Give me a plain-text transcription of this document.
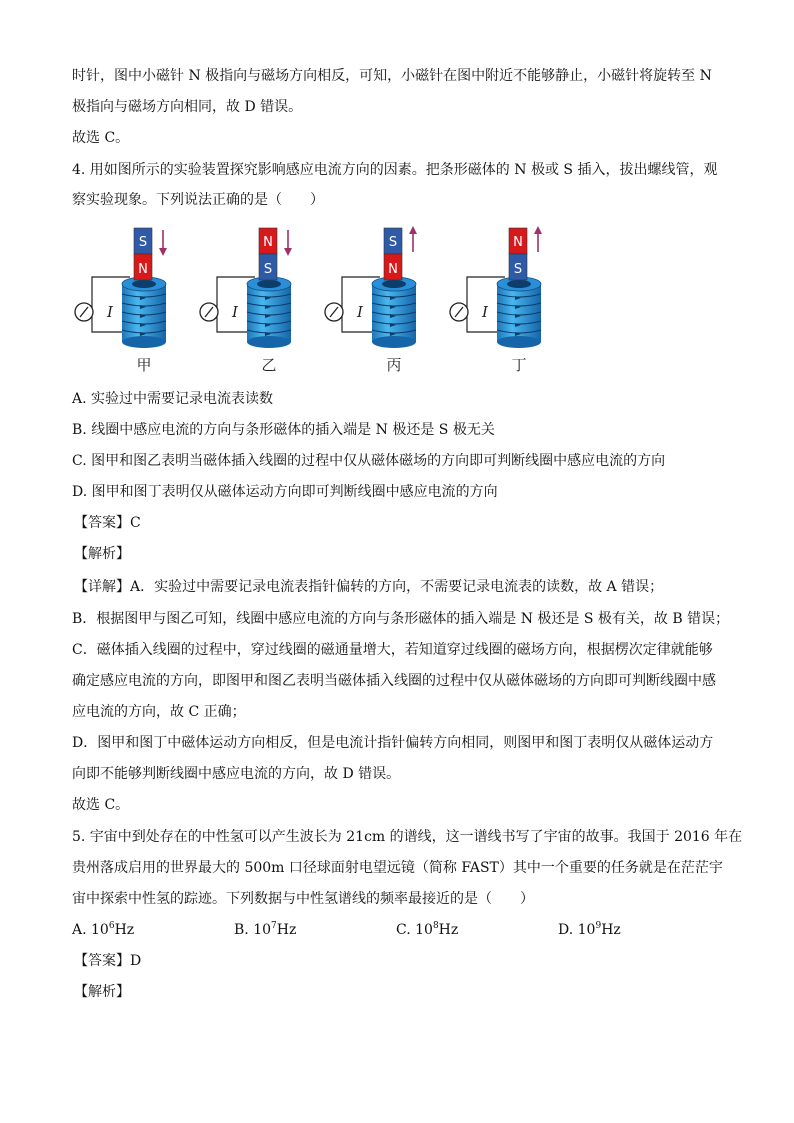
时针，图中小磁针 N 极指向与磁场方向相反，可知，小磁针在图中附近不能够静止，小磁针将旋转至 N
极指向与磁场方向相同，故 D 错误。
故选 C。
4. 用如图所示的实验装置探究影响感应电流方向的因素。把条形磁体的 N 极或 S 插入，拔出螺线管，观
察实验现象。下列说法正确的是（　　）
I
S
N
甲
I
N
S
乙
I
S
N
丙
I
N
S
丁
A. 实验过中需要记录电流表读数
B. 线圈中感应电流的方向与条形磁体的插入端是 N 极还是 S 极无关
C. 图甲和图乙表明当磁体插入线圈的过程中仅从磁体磁场的方向即可判断线圈中感应电流的方向
D. 图甲和图丁表明仅从磁体运动方向即可判断线圈中感应电流的方向
【答案】C
【解析】
【详解】A．实验过中需要记录电流表指针偏转的方向，不需要记录电流表的读数，故 A 错误；
B．根据图甲与图乙可知，线圈中感应电流的方向与条形磁体的插入端是 N 极还是 S 极有关，故 B 错误；
C．磁体插入线圈的过程中，穿过线圈的磁通量增大，若知道穿过线圈的磁场方向，根据楞次定律就能够
确定感应电流的方向，即图甲和图乙表明当磁体插入线圈的过程中仅从磁体磁场的方向即可判断线圈中感
应电流的方向，故 C 正确；
D．图甲和图丁中磁体运动方向相反，但是电流计指针偏转方向相同，则图甲和图丁表明仅从磁体运动方
向即不能够判断线圈中感应电流的方向，故 D 错误。
故选 C。
5. 宇宙中到处存在的中性氢可以产生波长为 21cm 的谱线，这一谱线书写了宇宙的故事。我国于 2016 年在
贵州落成启用的世界最大的 500m 口径球面射电望远镜（简称 FAST）其中一个重要的任务就是在茫茫宇
宙中探索中性氢的踪迹。下列数据与中性氢谱线的频率最接近的是（　　）
A. $10^6Hz$	B. $10^7Hz$	C. $10^8Hz$	D. $10^9Hz$
【答案】D
【解析】
